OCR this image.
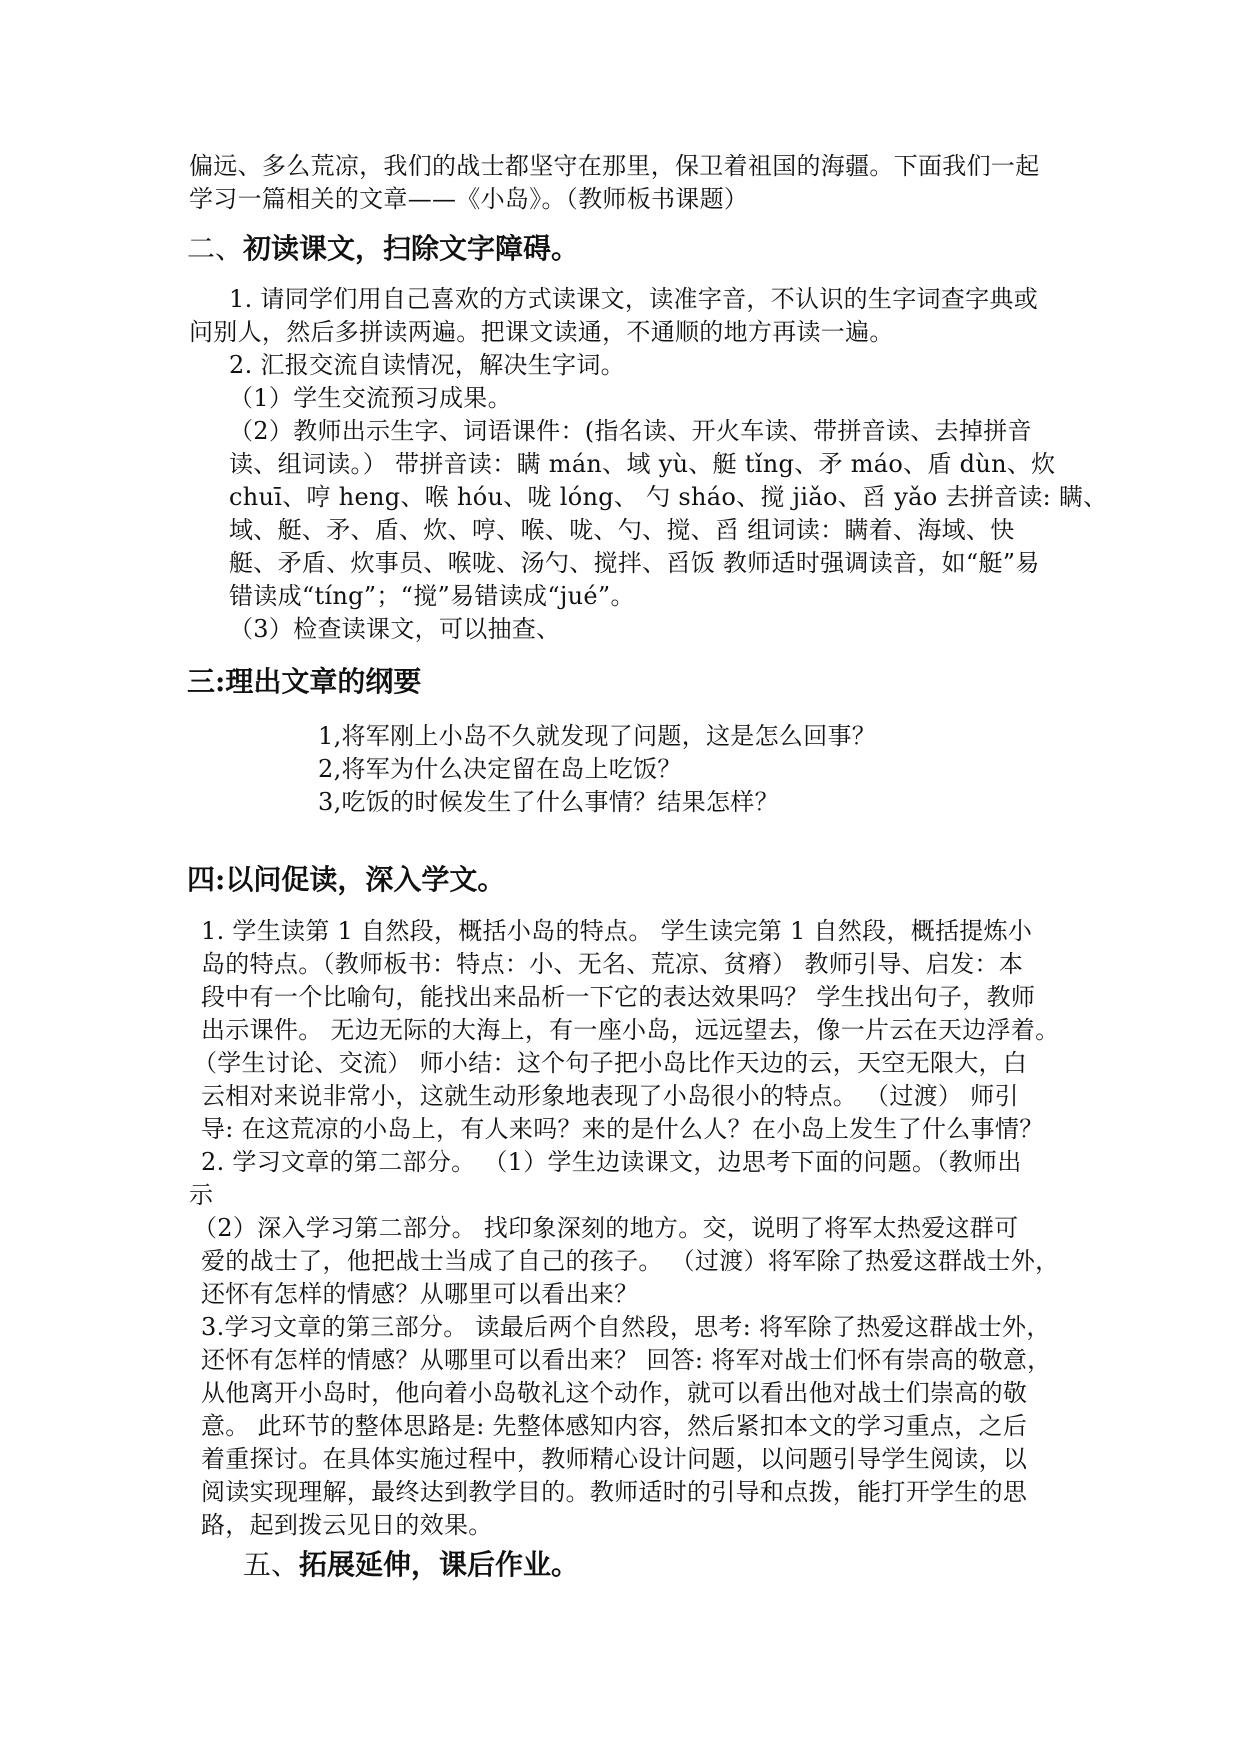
偏远、多么荒凉，我们的战士都坚守在那里，保卫着祖国的海疆。下面我们一起
学习一篇相关的文章——《小岛》。（教师板书课题）
二、初读课文，扫除文字障碍。
1. 请同学们用自己喜欢的方式读课文，读准字音，不认识的生字词查字典或
问别人，然后多拼读两遍。把课文读通，不通顺的地方再读一遍。
2. 汇报交流自读情况，解决生字词。
（1）学生交流预习成果。
（2）教师出示生字、词语课件：(指名读、开火车读、带拼音读、去掉拼音
读、组词读。） 带拼音读：瞒 mán、域 yù、艇 tǐng、矛 máo、盾 dùn、炊
chuī、哼 heng、喉 hóu、咙 lóng、 勺 sháo、搅 jiǎo、舀 yǎo 去拼音读: 瞒、
域、艇、矛、盾、炊、哼、喉、咙、勺、搅、舀 组词读：瞒着、海域、快
艇、矛盾、炊事员、喉咙、汤勺、搅拌、舀饭 教师适时强调读音，如“艇”易
错读成“tíng”；“搅”易错读成“jué”。
（3）检查读课文，可以抽查、
三:理出文章的纲要
1,将军刚上小岛不久就发现了问题，这是怎么回事？
2,将军为什么决定留在岛上吃饭？
3,吃饭的时候发生了什么事情？结果怎样？
四:以问促读，深入学文。
1. 学生读第 1 自然段，概括小岛的特点。 学生读完第 1 自然段，概括提炼小
岛的特点。（教师板书：特点：小、无名、荒凉、贫瘠） 教师引导、启发：本
段中有一个比喻句，能找出来品析一下它的表达效果吗？ 学生找出句子，教师
出示课件。 无边无际的大海上，有一座小岛，远远望去，像一片云在天边浮着。
（学生讨论、交流） 师小结：这个句子把小岛比作天边的云，天空无限大，白
云相对来说非常小，这就生动形象地表现了小岛很小的特点。 （过渡） 师引
导: 在这荒凉的小岛上，有人来吗？来的是什么人？在小岛上发生了什么事情？
2. 学习文章的第二部分。 （1）学生边读课文，边思考下面的问题。（教师出
示
（2）深入学习第二部分。 找印象深刻的地方。交，说明了将军太热爱这群可
爱的战士了，他把战士当成了自己的孩子。 （过渡）将军除了热爱这群战士外，
还怀有怎样的情感？从哪里可以看出来？
3.学习文章的第三部分。 读最后两个自然段，思考: 将军除了热爱这群战士外，
还怀有怎样的情感？从哪里可以看出来？ 回答: 将军对战士们怀有崇高的敬意，
从他离开小岛时，他向着小岛敬礼这个动作，就可以看出他对战士们崇高的敬
意。 此环节的整体思路是: 先整体感知内容，然后紧扣本文的学习重点，之后
着重探讨。在具体实施过程中，教师精心设计问题，以问题引导学生阅读，以
阅读实现理解，最终达到教学目的。教师适时的引导和点拨，能打开学生的思
路，起到拨云见日的效果。
五、拓展延伸，课后作业。
